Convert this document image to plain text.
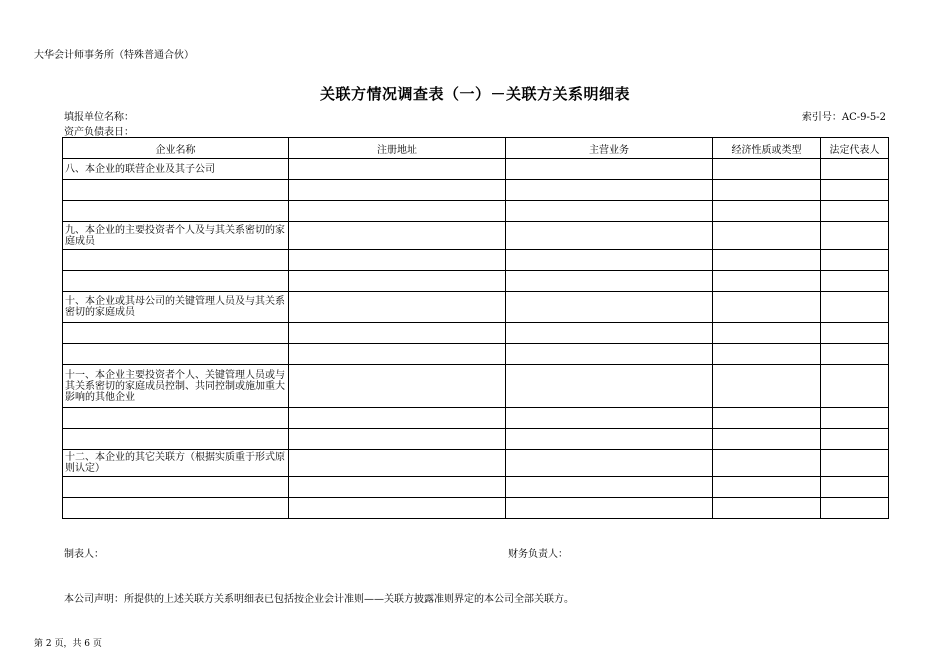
大华会计师事务所（特殊普通合伙）
关联方情况调查表（一）－关联方关系明细表
填报单位名称：
资产负债表日：
索引号：AC-9-5-2
企业名称	注册地址	主营业务	经济性质或类型	法定代表人
八、本企业的联营企业及其子公司				

九、本企业的主要投资者个人及与其关系密切的家庭成员				

十、本企业或其母公司的关键管理人员及与其关系密切的家庭成员				

十一、本企业主要投资者个人、关键管理人员或与其关系密切的家庭成员控制、共同控制或施加重大影响的其他企业				

十二、本企业的其它关联方（根据实质重于形式原则认定）				

制表人：	财务负责人：
本公司声明：所提供的上述关联方关系明细表已包括按企业会计准则——关联方披露准则界定的本公司全部关联方。
第 2 页，共 6 页
